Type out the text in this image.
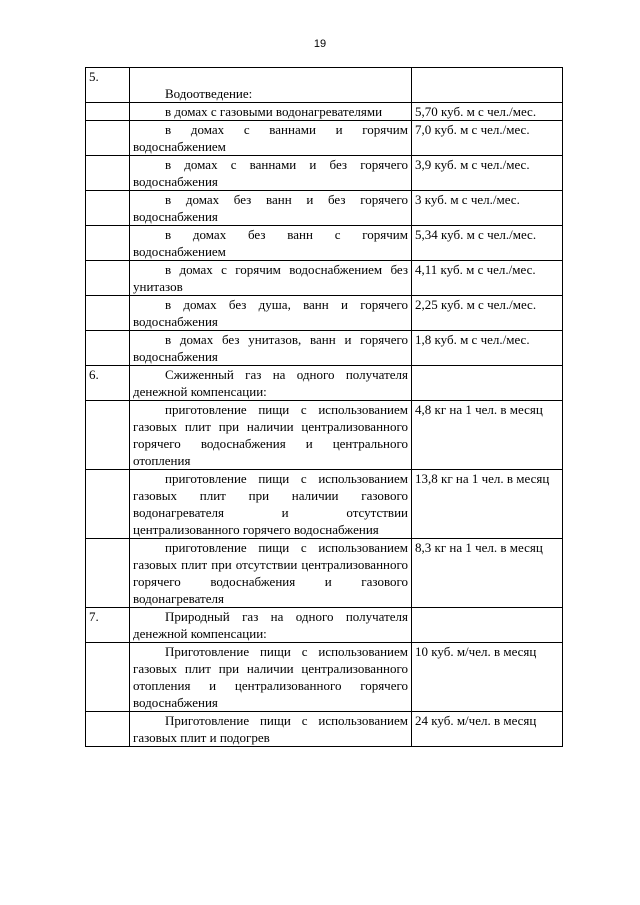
19
5.	Водоотведение:	

	в домах с газовыми водонагревателями	5,70 куб. м с чел./мес.

	в домах с ваннами и горячим водоснабжением	7,0 куб. м с чел./мес.

	в домах с ваннами и без горячего водоснабжения	3,9 куб. м с чел./мес.

	в домах без ванн и без горячего водоснабжения	3 куб. м с чел./мес.

	в домах без ванн с горячим водоснабжением	5,34 куб. м с чел./мес.

	в домах с горячим водоснабжением без унитазов	4,11 куб. м с чел./мес.

	в домах без душа, ванн и горячего водоснабжения	2,25 куб. м с чел./мес.

	в домах без унитазов, ванн и горячего водоснабжения	1,8 куб. м с чел./мес.
6.	Сжиженный газ на одного получателя денежной компенсации:	

	приготовление пищи с использованием газовых плит при наличии централизованного горячего водоснабжения и центрального отопления	4,8 кг на 1 чел. в месяц

	приготовление пищи с использованием газовых плит при наличии газового водонагревателя и отсутствии централизованного горячего водоснабжения	13,8 кг на 1 чел. в месяц

	приготовление пищи с использованием газовых плит при отсутствии централизованного горячего водоснабжения и газового водонагревателя	8,3 кг на 1 чел. в месяц
7.	Природный газ на одного получателя денежной компенсации:	

	Приготовление пищи с использованием газовых плит при наличии централизованного отопления и централизованного горячего водоснабжения	10 куб. м/чел. в месяц

	Приготовление пищи с использованием газовых плит и подогрев	24 куб. м/чел. в месяц
